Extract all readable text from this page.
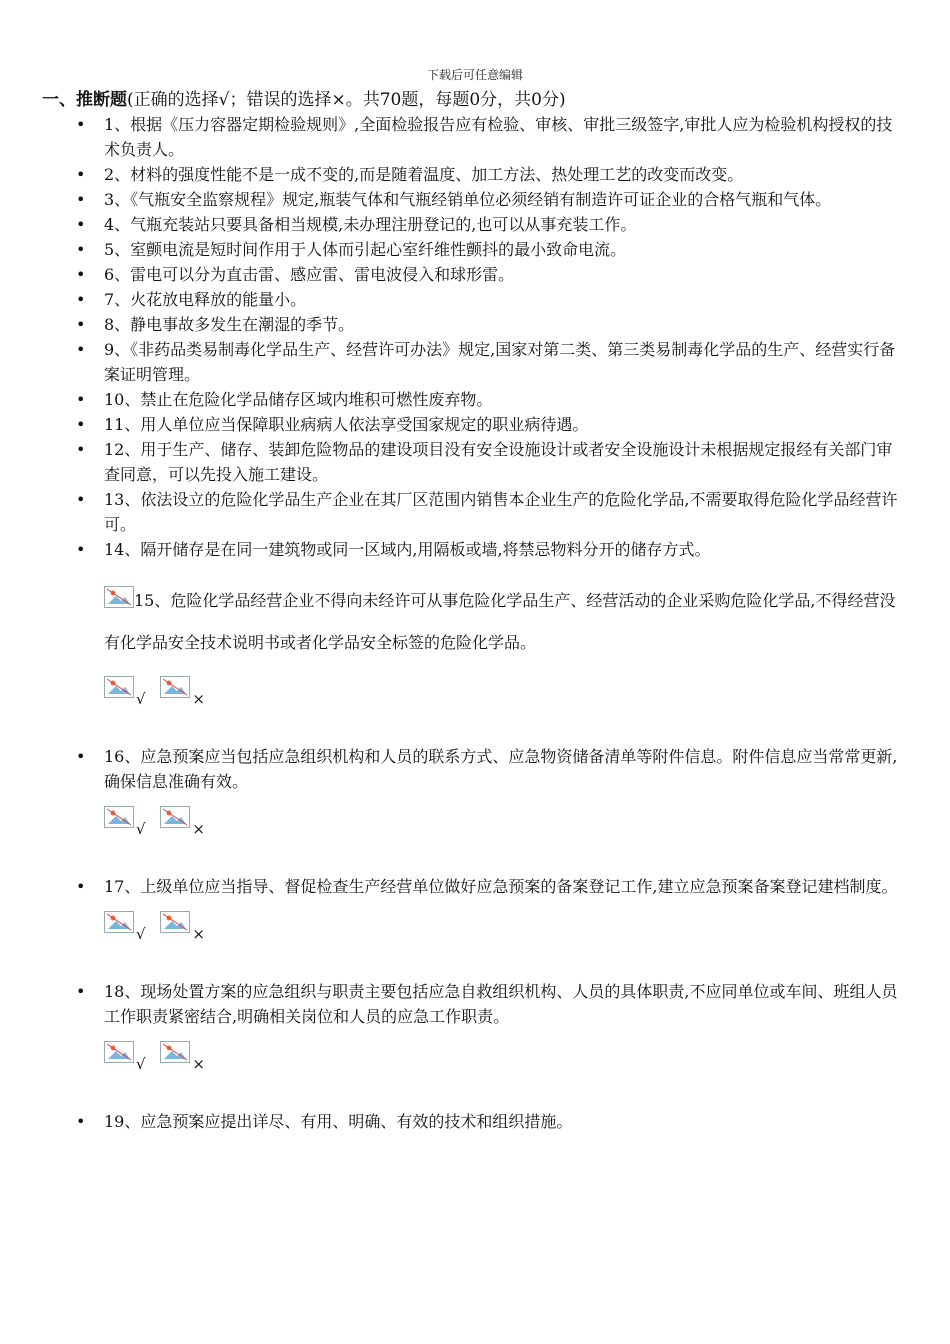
下载后可任意编辑
一、推断题(正确的选择√；错误的选择×。共70题，每题0分，共0分)
• 1、根据《压力容器定期检验规则》,全面检验报告应有检验、审核、审批三级签字,审批人应为检验机构授权的技术负责人。
• 2、材料的强度性能不是一成不变的,而是随着温度、加工方法、热处理工艺的改变而改变。
• 3、《气瓶安全监察规程》规定,瓶装气体和气瓶经销单位必须经销有制造许可证企业的合格气瓶和气体。
• 4、气瓶充装站只要具备相当规模,未办理注册登记的,也可以从事充装工作。
• 5、室颤电流是短时间作用于人体而引起心室纤维性颤抖的最小致命电流。
• 6、雷电可以分为直击雷、感应雷、雷电波侵入和球形雷。
• 7、火花放电释放的能量小。
• 8、静电事故多发生在潮湿的季节。
• 9、《非药品类易制毒化学品生产、经营许可办法》规定,国家对第二类、第三类易制毒化学品的生产、经营实行备案证明管理。
• 10、禁止在危险化学品储存区域内堆积可燃性废弃物。
• 11、用人单位应当保障职业病病人依法享受国家规定的职业病待遇。
• 12、用于生产、储存、装卸危险物品的建设项目没有安全设施设计或者安全设施设计未根据规定报经有关部门审查同意，可以先投入施工建设。
• 13、依法设立的危险化学品生产企业在其厂区范围内销售本企业生产的危险化学品,不需要取得危险化学品经营许可。
• 14、隔开储存是在同一建筑物或同一区域内,用隔板或墙,将禁忌物料分开的储存方式。
15、危险化学品经营企业不得向未经许可从事危险化学品生产、经营活动的企业采购危险化学品,不得经营没有化学品安全技术说明书或者化学品安全标签的危险化学品。
√	×
• 16、应急预案应当包括应急组织机构和人员的联系方式、应急物资储备清单等附件信息。附件信息应当常常更新,确保信息准确有效。
√	×
• 17、上级单位应当指导、督促检查生产经营单位做好应急预案的备案登记工作,建立应急预案备案登记建档制度。
√	×
• 18、现场处置方案的应急组织与职责主要包括应急自救组织机构、人员的具体职责,不应同单位或车间、班组人员工作职责紧密结合,明确相关岗位和人员的应急工作职责。
√	×
• 19、应急预案应提出详尽、有用、明确、有效的技术和组织措施。
